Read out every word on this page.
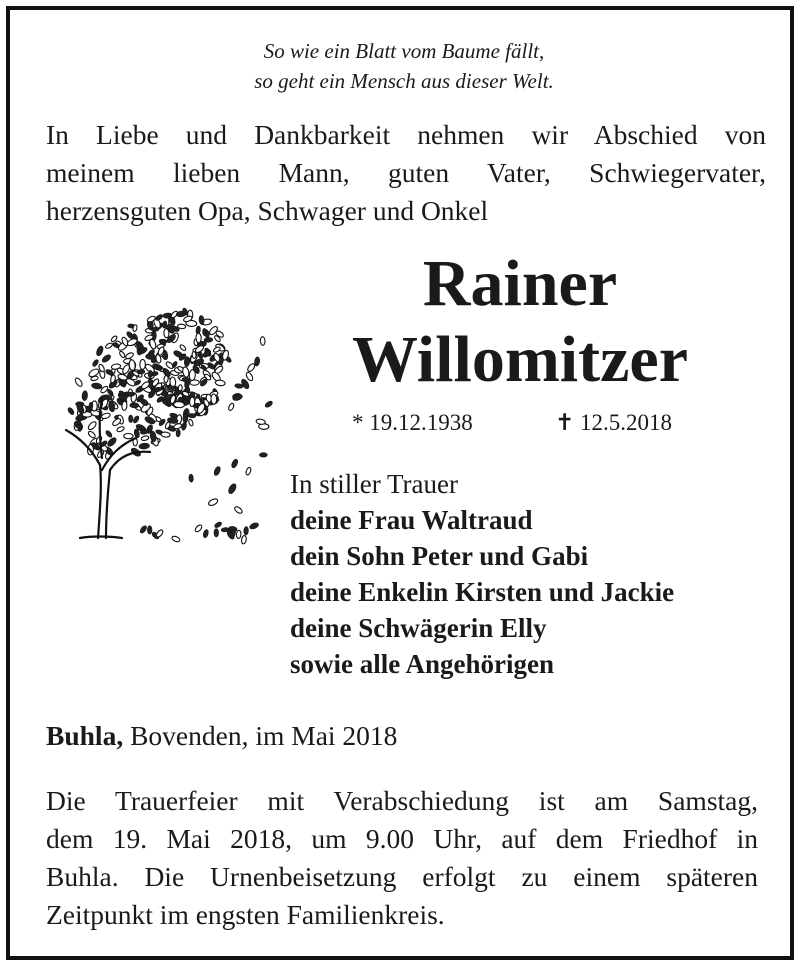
So wie ein Blatt vom Baume fällt,
so geht ein Mensch aus dieser Welt.
In Liebe und Dankbarkeit nehmen wir Abschied von
meinem lieben Mann, guten Vater, Schwiegervater,
herzensguten Opa, Schwager und Onkel
Rainer
Willomitzer
* 19.12.1938	✝ 12.5.2018
In stiller Trauer
deine Frau Waltraud
dein Sohn Peter und Gabi
deine Enkelin Kirsten und Jackie
deine Schwägerin Elly
sowie alle Angehörigen
Buhla, Bovenden, im Mai 2018
Die Trauerfeier mit Verabschiedung ist am Samstag,
dem 19. Mai 2018, um 9.00 Uhr, auf dem Friedhof in
Buhla. Die Urnenbeisetzung erfolgt zu einem späteren
Zeitpunkt im engsten Familienkreis.
